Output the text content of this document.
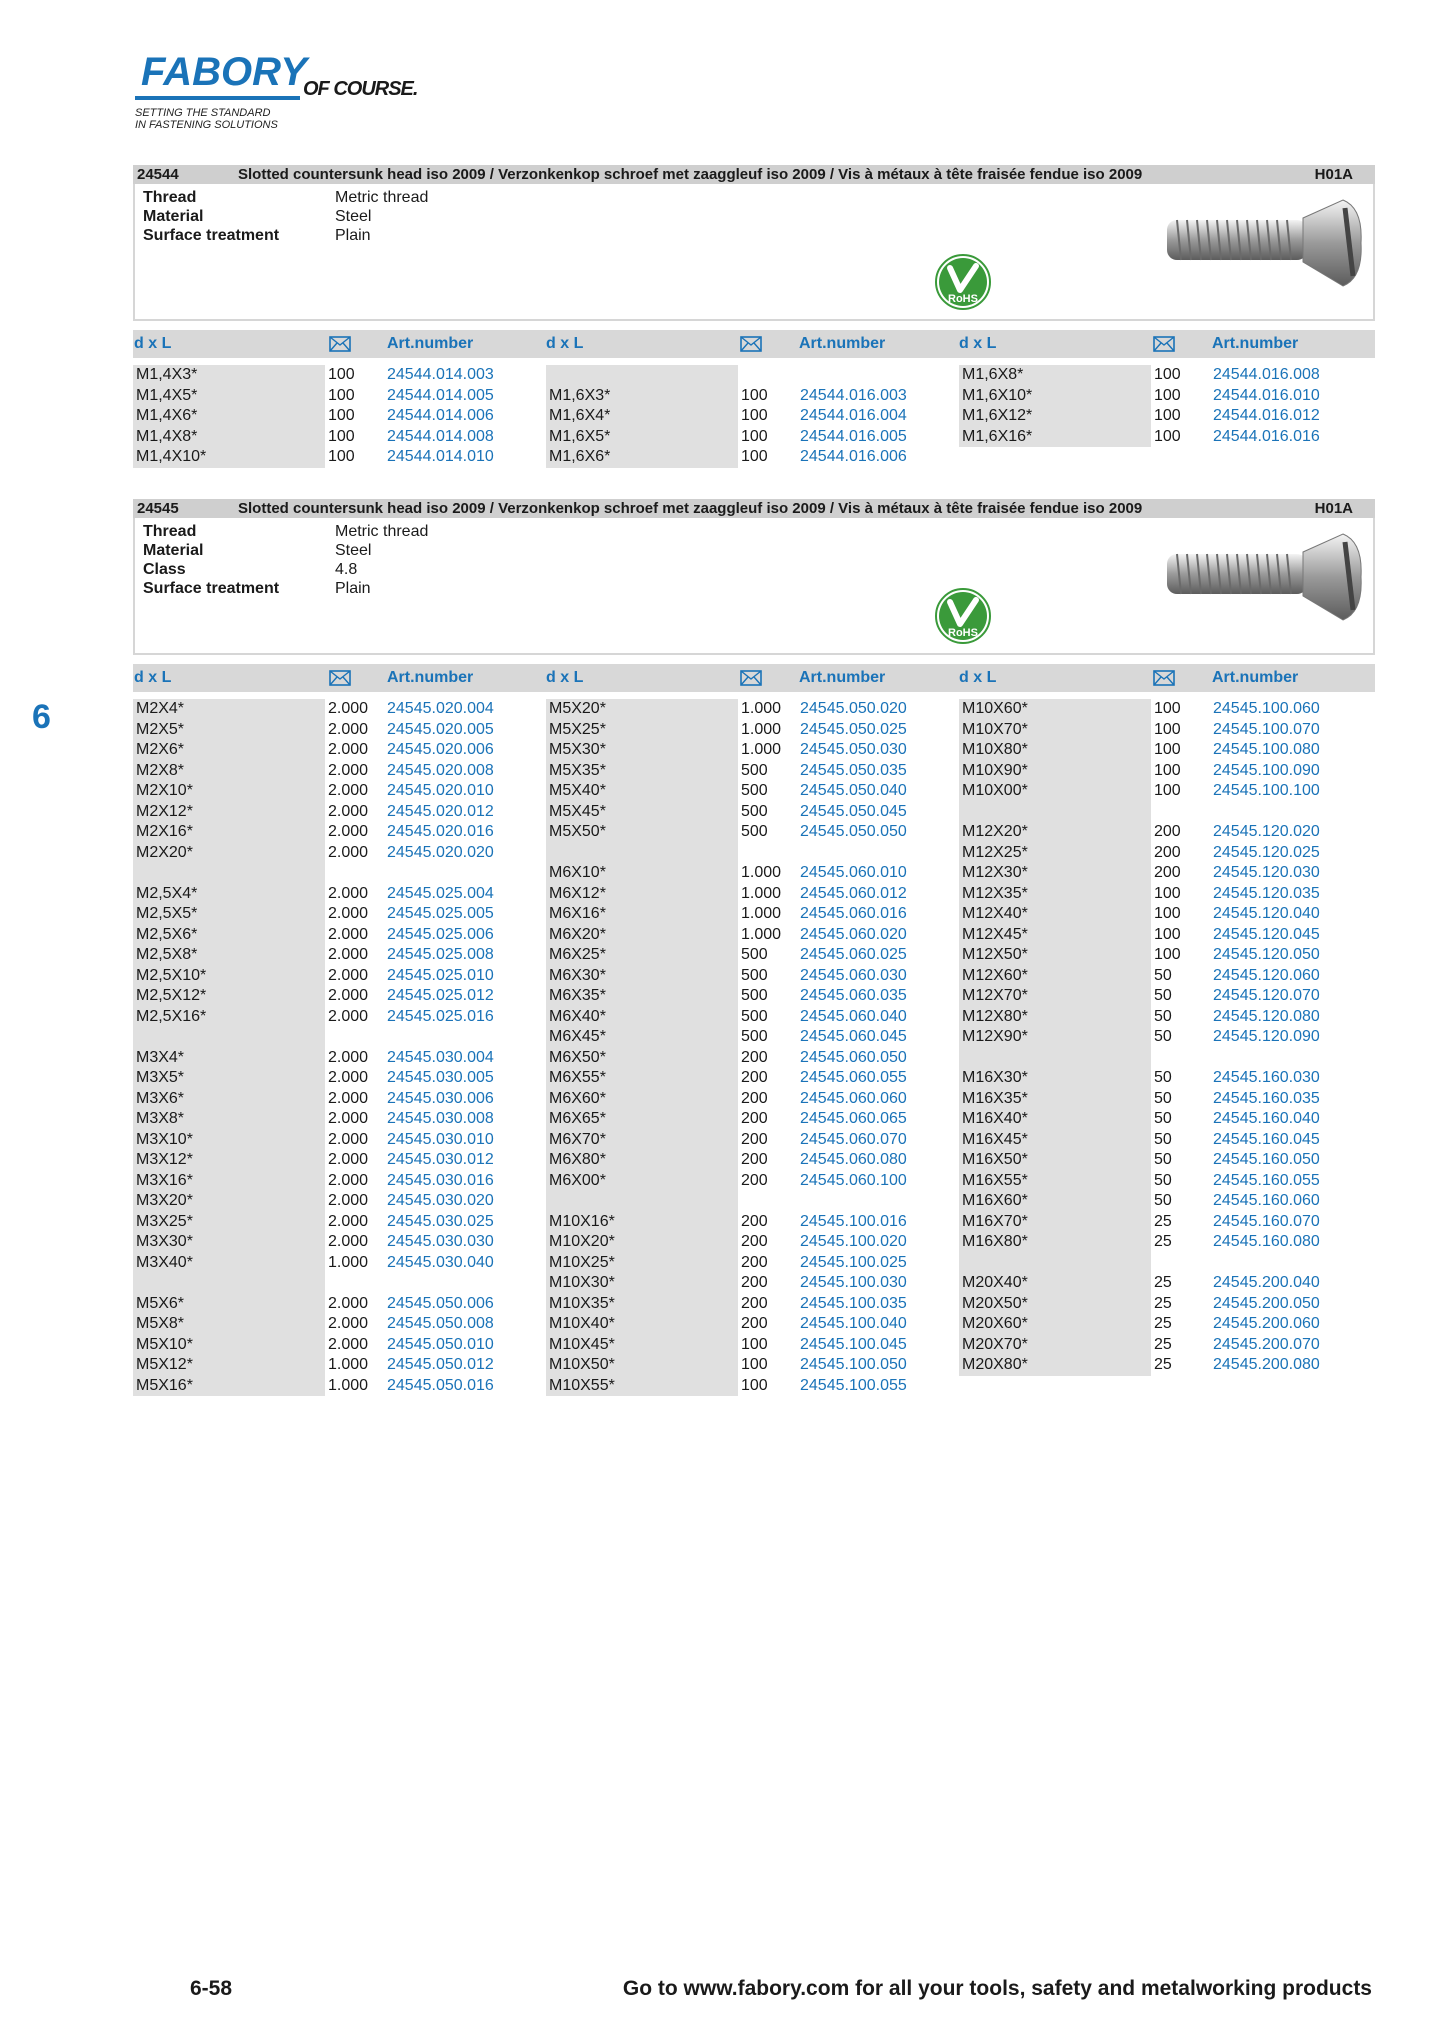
FABORY
OF COURSE.
SETTING THE STANDARD
IN FASTENING SOLUTIONS
24544	Slotted countersunk head iso 2009 / Verzonkenkop schroef met zaaggleuf iso 2009 / Vis à métaux à tête fraisée fendue iso 2009	H01A
Thread	Metric thread
Material	Steel
Surface treatment	Plain
RoHS
d x L	Art.number	d x L	Art.number	d x L	Art.number
M1,4X3*	100 24544.014.003
M1,4X5*	100 24544.014.005
M1,4X6*	100 24544.014.006
M1,4X8*	100 24544.014.008
M1,4X10*	100 24544.014.010
M1,6X3*	100 24544.016.003
M1,6X4*	100 24544.016.004
M1,6X5*	100 24544.016.005
M1,6X6*	100 24544.016.006
M1,6X8*	100 24544.016.008
M1,6X10*	100 24544.016.010
M1,6X12*	100 24544.016.012
M1,6X16*	100 24544.016.016
24545	Slotted countersunk head iso 2009 / Verzonkenkop schroef met zaaggleuf iso 2009 / Vis à métaux à tête fraisée fendue iso 2009	H01A
Thread	Metric thread
Material	Steel
Class	4.8
Surface treatment	Plain
RoHS
d x L	Art.number	d x L	Art.number	d x L	Art.number
M2X4*	2.000 24545.020.004
M2X5*	2.000 24545.020.005
M2X6*	2.000 24545.020.006
M2X8*	2.000 24545.020.008
M2X10*	2.000 24545.020.010
M2X12*	2.000 24545.020.012
M2X16*	2.000 24545.020.016
M2X20*	2.000 24545.020.020
M2,5X4*	2.000 24545.025.004
M2,5X5*	2.000 24545.025.005
M2,5X6*	2.000 24545.025.006
M2,5X8*	2.000 24545.025.008
M2,5X10*	2.000 24545.025.010
M2,5X12*	2.000 24545.025.012
M2,5X16*	2.000 24545.025.016
M3X4*	2.000 24545.030.004
M3X5*	2.000 24545.030.005
M3X6*	2.000 24545.030.006
M3X8*	2.000 24545.030.008
M3X10*	2.000 24545.030.010
M3X12*	2.000 24545.030.012
M3X16*	2.000 24545.030.016
M3X20*	2.000 24545.030.020
M3X25*	2.000 24545.030.025
M3X30*	2.000 24545.030.030
M3X40*	1.000 24545.030.040
M5X6*	2.000 24545.050.006
M5X8*	2.000 24545.050.008
M5X10*	2.000 24545.050.010
M5X12*	1.000 24545.050.012
M5X16*	1.000 24545.050.016
M5X20*	1.000 24545.050.020
M5X25*	1.000 24545.050.025
M5X30*	1.000 24545.050.030
M5X35*	500 24545.050.035
M5X40*	500 24545.050.040
M5X45*	500 24545.050.045
M5X50*	500 24545.050.050
M6X10*	1.000 24545.060.010
M6X12*	1.000 24545.060.012
M6X16*	1.000 24545.060.016
M6X20*	1.000 24545.060.020
M6X25*	500 24545.060.025
M6X30*	500 24545.060.030
M6X35*	500 24545.060.035
M6X40*	500 24545.060.040
M6X45*	500 24545.060.045
M6X50*	200 24545.060.050
M6X55*	200 24545.060.055
M6X60*	200 24545.060.060
M6X65*	200 24545.060.065
M6X70*	200 24545.060.070
M6X80*	200 24545.060.080
M6X00*	200 24545.060.100
M10X16*	200 24545.100.016
M10X20*	200 24545.100.020
M10X25*	200 24545.100.025
M10X30*	200 24545.100.030
M10X35*	200 24545.100.035
M10X40*	200 24545.100.040
M10X45*	100 24545.100.045
M10X50*	100 24545.100.050
M10X55*	100 24545.100.055
M10X60*	100 24545.100.060
M10X70*	100 24545.100.070
M10X80*	100 24545.100.080
M10X90*	100 24545.100.090
M10X00*	100 24545.100.100
M12X20*	200 24545.120.020
M12X25*	200 24545.120.025
M12X30*	200 24545.120.030
M12X35*	100 24545.120.035
M12X40*	100 24545.120.040
M12X45*	100 24545.120.045
M12X50*	100 24545.120.050
M12X60*	50	24545.120.060
M12X70*	50	24545.120.070
M12X80*	50	24545.120.080
M12X90*	50	24545.120.090
M16X30*	50	24545.160.030
M16X35*	50	24545.160.035
M16X40*	50	24545.160.040
M16X45*	50	24545.160.045
M16X50*	50	24545.160.050
M16X55*	50	24545.160.055
M16X60*	50	24545.160.060
M16X70*	25	24545.160.070
M16X80*	25	24545.160.080
M20X40*	25	24545.200.040
M20X50*	25	24545.200.050
M20X60*	25	24545.200.060
M20X70*	25	24545.200.070
M20X80*	25	24545.200.080
6
6-58	Go to www.fabory.com for all your tools, safety and metalworking products
